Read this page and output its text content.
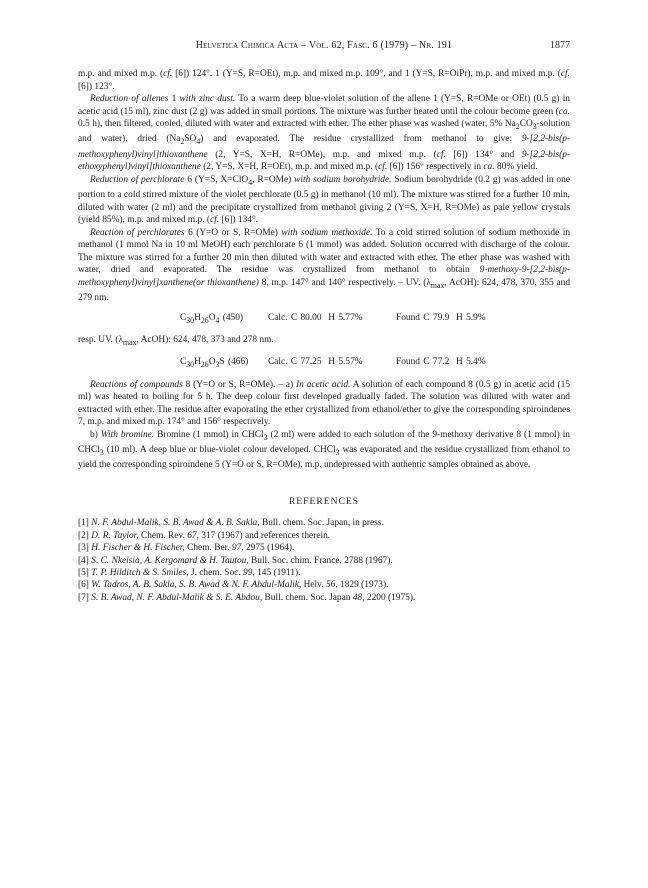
Helvetica Chimica Acta – Vol. 62, Fasc. 6 (1979) – Nr. 191	1877

m.p. and mixed m.p. (cf. [6]) 124°. 1 (Y=S, R=OEt), m.p. and mixed m.p. 109°, and 1 (Y=S, R=OiPr), m.p. and mixed m.p. (cf. [6]) 123°.

Reduction of allenes 1 with zinc dust. To a warm deep blue-violet solution of the allene 1 (Y=S, R=OMe or OEt) (0.5 g) in acetic acid (15 ml), zinc dust (2 g) was added in small portions. The mixture was further heated until the colour become green (ca. 0.5 h), then filtered, cooled, diluted with water and extracted with ether. The ether phase was washed (water, 5% $Na_2CO_3$-solution and water), dried $(Na_2SO_4)$ and evaporated. The residue crystallized from methanol to give: 9-[2,2-bis(p-methoxyphenyl)vinyl]thioxanthene (2, Y=S, X=H, R=OMe), m.p. and mixed m.p. (cf. [6]) 134° and 9-[2,2-bis(p-ethoxyphenyl)vinyl]thioxanthene (2, Y=S, X=H, R=OEt), m.p. and mixed m.p. (cf. [6]) 156° respectively in ca. 80% yield.

Reduction of perchlorate 6 (Y=S, X=ClO$_4$, R=OMe) with sodium borohydride. Sodium borohydride (0.2 g) was added in one portion to a cold stirred mixture of the violet perchlorate (0.5 g) in methanol (10 ml). The mixture was stirred for a further 10 min, diluted with water (2 ml) and the precipitate crystallized from methanol giving 2 (Y=S, X=H, R=OMe) as pale yellow crystals (yield 85%), m.p. and mixed m.p. (cf. [6]) 134°.

Reaction of perchlorates 6 (Y=O or S, R=OMe) with sodium methoxide. To a cold stirred solution of sodium methoxide in methanol (1 mmol Na in 10 ml MeOH) each perchlorate 6 (1 mmol) was added. Solution occurred with discharge of the colour. The mixture was stirred for a further 20 min then diluted with water and extracted with ether. The ether phase was washed with water, dried and evaporated. The residue was crystallized from methanol to obtain 9-methoxy-9-[2,2-bis(p-methoxyphenyl)vinyl]xanthene(or thioxanthene) 8, m.p. 147° and 140° respectively. – UV. ($\lambda_{max}$, AcOH): 624, 478, 370, 355 and 279 nm.

$C_{30}H_{26}O_4$ (450)	Calc. C 80.00  H 5.77%	Found C 79.9  H 5.9%

resp. UV. ($\lambda_{max}$, AcOH): 624, 478, 373 and 278 nm.

$C_{30}H_{26}O_3S$ (466) Calc. C 77.25  H 5.57%	Found C 77.2  H 5.4%

Reactions of compounds 8 (Y=O or S, R=OMe). – a) In acetic acid. A solution of each compound 8 (0.5 g) in acetic acid (15 ml) was heated to boiling for 5 h. The deep colour first developed gradually faded. The solution was diluted with water and extracted with ether. The residue after evaporating the ether crystallized from ethanol/ether to give the corresponding spiroindenes 7, m.p. and mixed m.p. 174° and 156° respectively.

b) With bromine. Bromine (1 mmol) in CHCl$_3$ (2 ml) were added to each solution of the 9-methoxy derivative 8 (1 mmol) in CHCl$_3$ (10 ml). A deep blue or blue-violet colour developed. CHCl$_3$ was evaporated and the residue crystallized from ethanol to yield the corresponding spiroindene 5 (Y=O or S, R=OMe), m.p. undepressed with authentic samples obtained as above.

REFERENCES
[1] N. F. Abdul-Malik, S. B. Awad & A. B. Sakla, Bull. chem. Soc. Japan, in press.
[2] D. R. Taylor, Chem. Rev. 67, 317 (1967) and references therein.
[3] H. Fischer & H. Fischer, Chem. Ber. 97, 2975 (1964).
[4] S. C. Nkeisia, A. Kergomard & H. Tautou, Bull. Soc. chim. France, 2788 (1967).
[5] T. P. Hilditch & S. Smiles, J. chem. Soc. 99, 145 (1911).
[6] W. Tadros, A. B. Sakla, S. B. Awad & N. F. Abdul-Malik, Helv. 56, 1829 (1973).
[7] S. B. Awad, N. F. Abdul-Malik & S. E. Abdou, Bull. chem. Soc. Japan 48, 2200 (1975).
